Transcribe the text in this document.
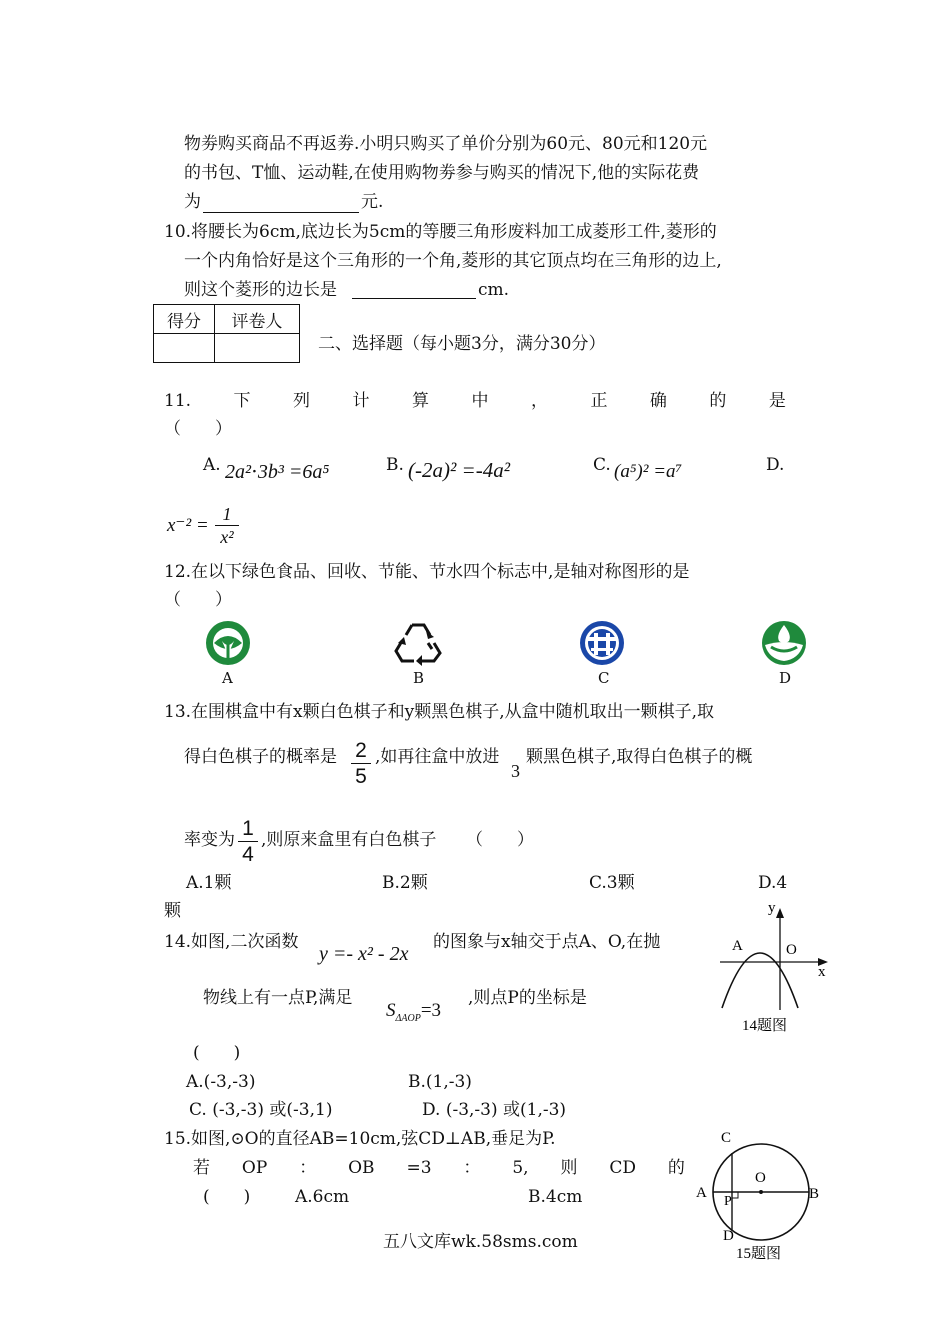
物劵购买商品不再返劵.小明只购买了单价分别为60元、80元和120元
的书包、T恤、运动鞋,在使用购物劵参与购买的情况下,他的实际花费
为	元.
10.将腰长为6cm,底边长为5cm的等腰三角形废料加工成菱形工件,菱形的
一个内角恰好是这个三角形的一个角,菱形的其它顶点均在三角形的边上,
则这个菱形的边长是	cm.
得分	评卷人

二、选择题（每小题3分，满分30分）
11. 下 列 计 算 中 ， 正 确 的 是
（　　）
A. 2a²⋅3b³ =6a⁵	B. (-2a)² =-4a²	C. (a⁵)² =a⁷	D.
x⁻² =
1
x²
12.在以下绿色食品、回收、节能、节水四个标志中,是轴对称图形的是
（　　）
A	B	C	D
13.在围棋盒中有x颗白色棋子和y颗黑色棋子,从盒中随机取出一颗棋子,取
得白色棋子的概率是 2
5
,如再往盒中放进
3
颗黑色棋子,取得白色棋子的概
率变为 1
4
,则原来盒里有白色棋子 （　　）
A.1颗	B.2颗	C.3颗	D.4
颗
14.如图,二次函数
y =- x² - 2x
的图象与x轴交于点A、O,在抛
物线上有一点P,满足
$S_{\Delta AOP}=3$
,则点P的坐标是
(　　)
A.(-3,-3)	B.(1,-3)
C. (-3,-3) 或(-3,1)	D. (-3,-3) 或(1,-3)
y
x
A	O
14题图
15.如图,⊙O的直径AB=10cm,弦CD⊥AB,垂足为P.
若 OP ： OB =3 ： 5, 则 CD 的
(　　)	A.6cm	B.4cm
C
O
A
P	B
D
15题图
五八文库wk.58sms.com
